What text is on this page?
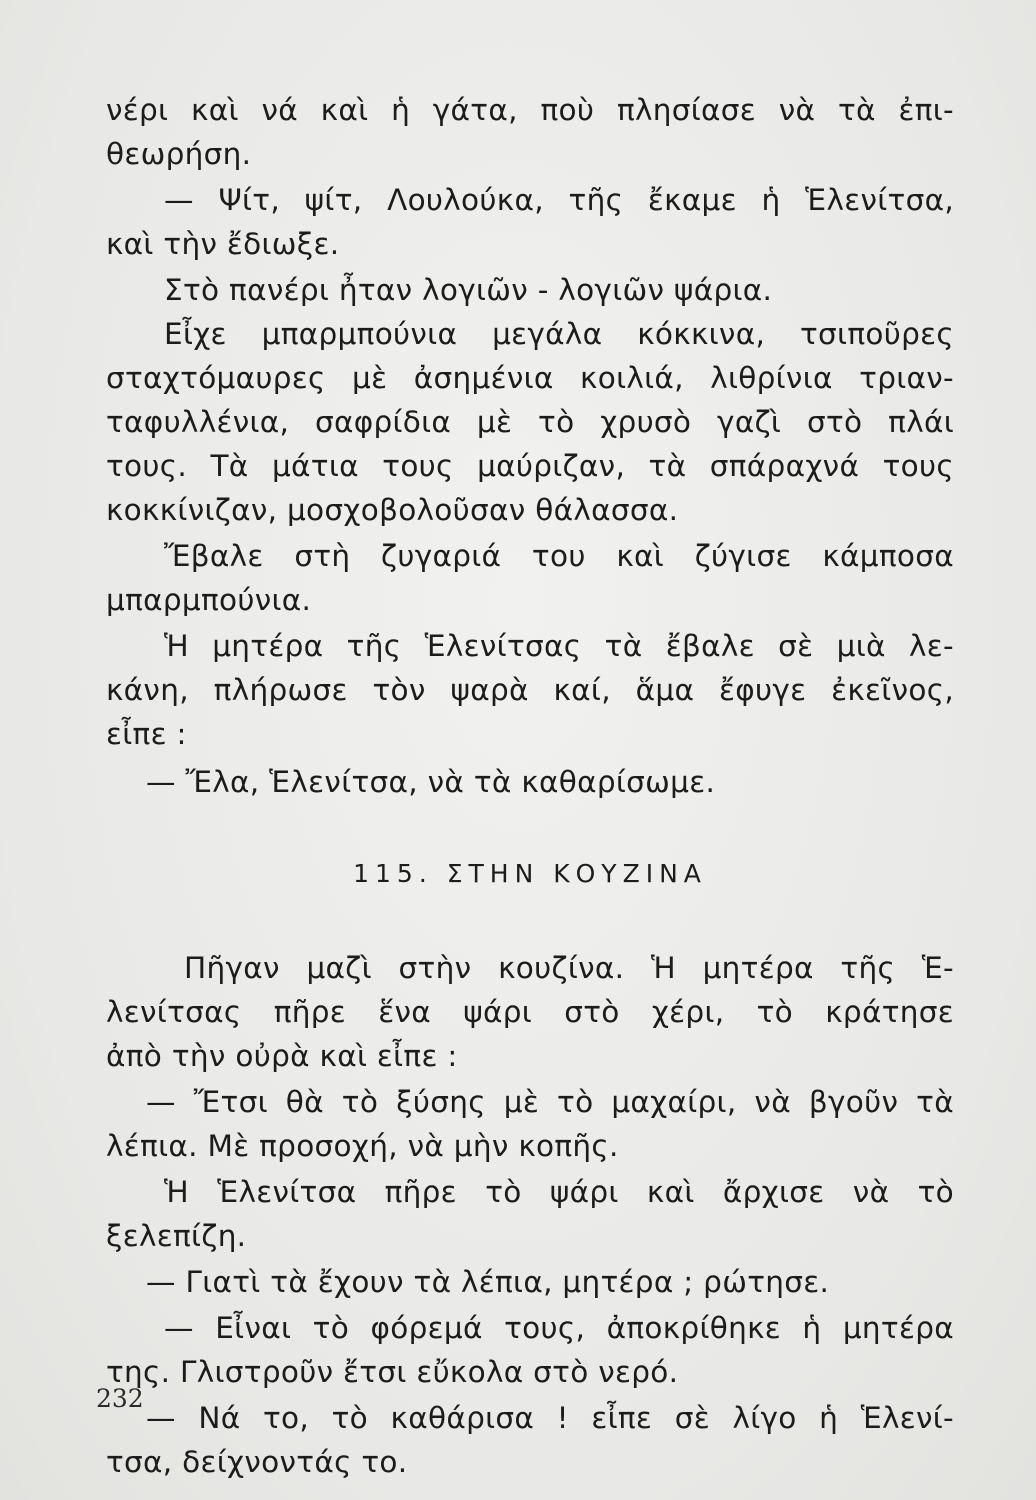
νέρι καὶ νά καὶ ἡ γάτα, ποὺ πλησίασε νὰ τὰ ἐπι-
θεωρήση.
— Ψίτ, ψίτ, Λουλούκα, τῆς ἔκαμε ἡ Ἑλενίτσα,
καὶ τὴν ἔδιωξε.
Στὸ πανέρι ἦταν λογιῶν - λογιῶν ψάρια.
Εἶχε μπαρμπούνια μεγάλα κόκκινα, τσιποῦρες
σταχτόμαυρες μὲ ἀσημένια κοιλιά, λιθρίνια τριαν-
ταφυλλένια, σαφρίδια μὲ τὸ χρυσὸ γαζὶ στὸ πλάι
τους. Τὰ μάτια τους μαύριζαν, τὰ σπάραχνά τους
κοκκίνιζαν, μοσχοβολοῦσαν θάλασσα.
Ἔβαλε στὴ ζυγαριά του καὶ ζύγισε κάμποσα
μπαρμπούνια.
Ἡ μητέρα τῆς Ἑλενίτσας τὰ ἔβαλε σὲ μιὰ λε-
κάνη, πλήρωσε τὸν ψαρὰ καί, ἅμα ἔφυγε ἐκεῖνος,
εἶπε :
— Ἔλα, Ἑλενίτσα, νὰ τὰ καθαρίσωμε.
115. ΣΤΗΝ ΚΟΥΖΙΝΑ
Πῆγαν μαζὶ στὴν κουζίνα. Ἡ μητέρα τῆς Ἑ-
λενίτσας πῆρε ἕνα ψάρι στὸ χέρι, τὸ κράτησε
ἀπὸ τὴν οὐρὰ καὶ εἶπε :
— Ἔτσι θὰ τὸ ξύσης μὲ τὸ μαχαίρι, νὰ βγοῦν τὰ
λέπια. Μὲ προσοχή, νὰ μὴν κοπῆς.
Ἡ Ἑλενίτσα πῆρε τὸ ψάρι καὶ ἄρχισε νὰ τὸ
ξελεπίζη.
— Γιατὶ τὰ ἔχουν τὰ λέπια, μητέρα ; ρώτησε.
— Εἶναι τὸ φόρεμά τους, ἀποκρίθηκε ἡ μητέρα
της. Γλιστροῦν ἔτσι εὔκολα στὸ νερό.
— Νά το, τὸ καθάρισα ! εἶπε σὲ λίγο ἡ Ἑλενί-
τσα, δείχνοντάς το.
232
